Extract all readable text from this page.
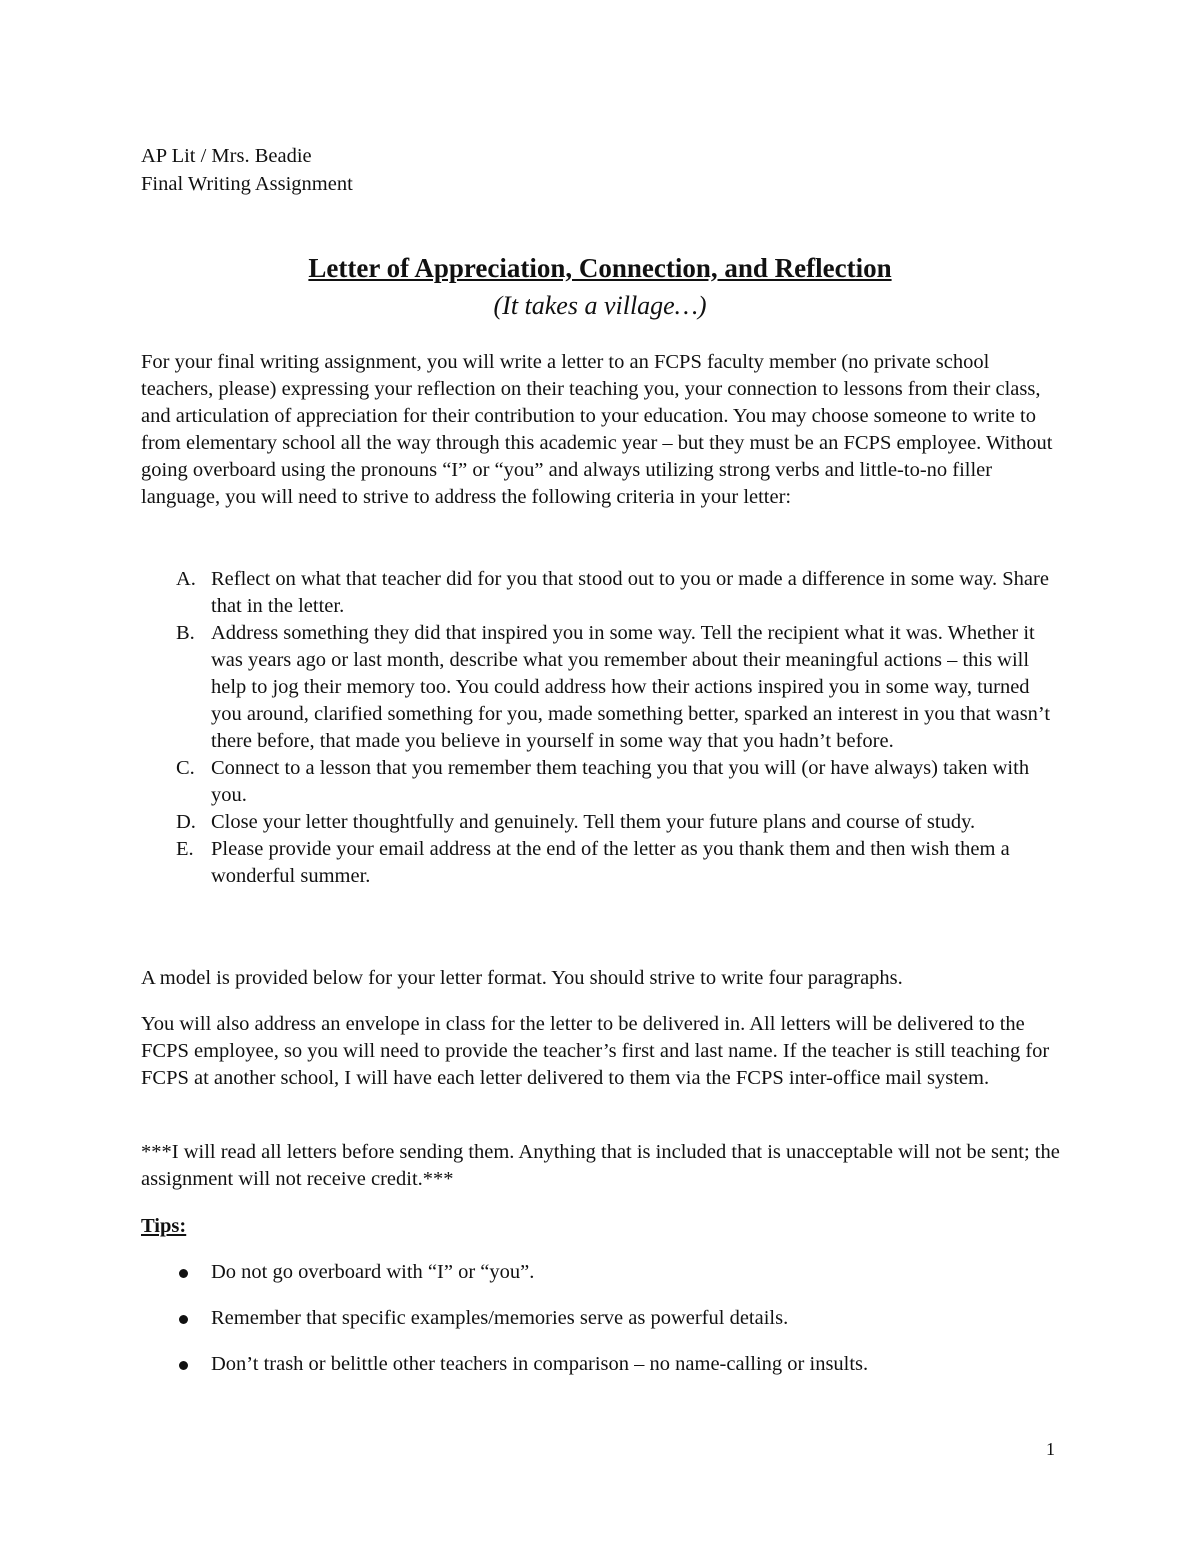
AP Lit / Mrs. Beadie
Final Writing Assignment
Letter of Appreciation, Connection, and Reflection
(It takes a village…)
For your final writing assignment, you will write a letter to an FCPS faculty member (no private school teachers, please) expressing your reflection on their teaching you, your connection to lessons from their class, and articulation of appreciation for their contribution to your education. You may choose someone to write to from elementary school all the way through this academic year – but they must be an FCPS employee. Without going overboard using the pronouns “I” or “you” and always utilizing strong verbs and little-to-no filler language, you will need to strive to address the following criteria in your letter:
A. Reflect on what that teacher did for you that stood out to you or made a difference in some way. Share that in the letter.
B. Address something they did that inspired you in some way. Tell the recipient what it was. Whether it was years ago or last month, describe what you remember about their meaningful actions – this will help to jog their memory too. You could address how their actions inspired you in some way, turned you around, clarified something for you, made something better, sparked an interest in you that wasn’t there before, that made you believe in yourself in some way that you hadn’t before.
C. Connect to a lesson that you remember them teaching you that you will (or have always) taken with you.
D. Close your letter thoughtfully and genuinely. Tell them your future plans and course of study.
E. Please provide your email address at the end of the letter as you thank them and then wish them a wonderful summer.
A model is provided below for your letter format. You should strive to write four paragraphs.
You will also address an envelope in class for the letter to be delivered in. All letters will be delivered to the FCPS employee, so you will need to provide the teacher’s first and last name. If the teacher is still teaching for FCPS at another school, I will have each letter delivered to them via the FCPS inter-office mail system.
***I will read all letters before sending them. Anything that is included that is unacceptable will not be sent; the assignment will not receive credit.***
Tips:
Do not go overboard with “I” or “you”.
Remember that specific examples/memories serve as powerful details.
Don’t trash or belittle other teachers in comparison – no name-calling or insults.
1
